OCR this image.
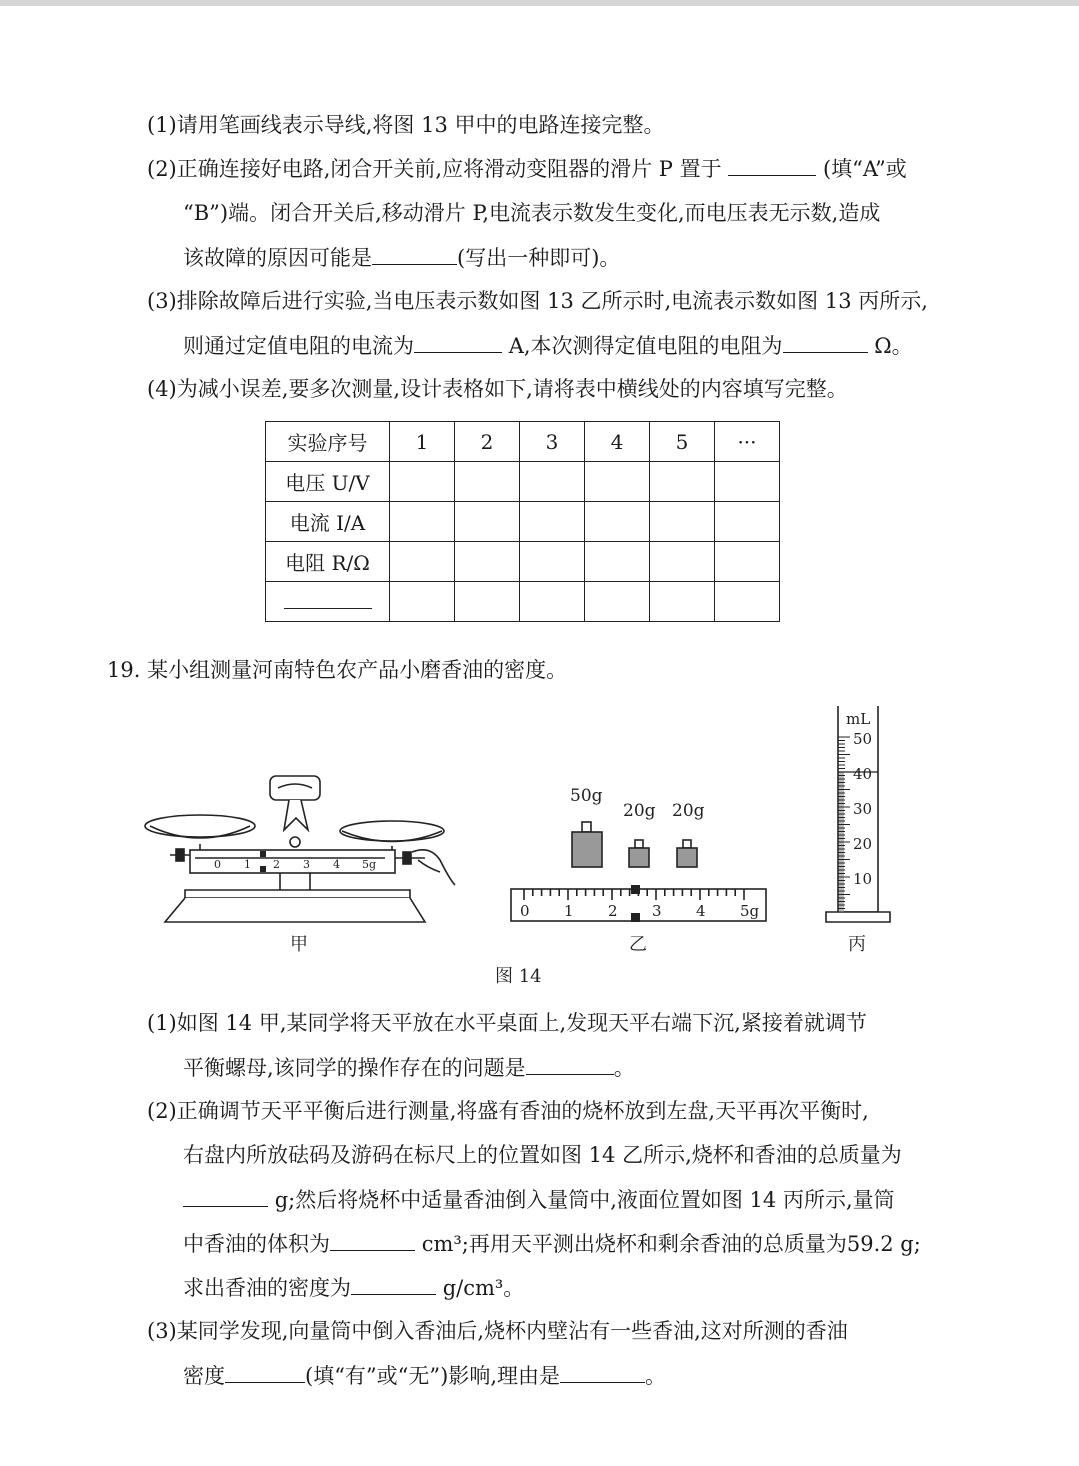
(1)请用笔画线表示导线,将图 13 甲中的电路连接完整。
(2)正确连接好电路,闭合开关前,应将滑动变阻器的滑片 P 置于	(填“A”或
“B”)端。闭合开关后,移动滑片 P,电流表示数发生变化,而电压表无示数,造成
该故障的原因可能是	(写出一种即可)。
(3)排除故障后进行实验,当电压表示数如图 13 乙所示时,电流表示数如图 13 丙所示,
则通过定值电阻的电流为	A,本次测得定值电阻的电阻为	Ω。
(4)为减小误差,要多次测量,设计表格如下,请将表中横线处的内容填写完整。
实验序号	1	2	3	4	5	···
电压 U/V						
电流 I/A						
电阻 R/Ω						

19. 某小组测量河南特色农产品小磨香油的密度。
0 1 2 3 4 5g
甲
50g
20g 20g
0 1 2 3 4 5g
乙
mL
50
40
30
20
10
丙
图 14
(1)如图 14 甲,某同学将天平放在水平桌面上,发现天平右端下沉,紧接着就调节
平衡螺母,该同学的操作存在的问题是	。
(2)正确调节天平平衡后进行测量,将盛有香油的烧杯放到左盘,天平再次平衡时,
右盘内所放砝码及游码在标尺上的位置如图 14 乙所示,烧杯和香油的总质量为
g;然后将烧杯中适量香油倒入量筒中,液面位置如图 14 丙所示,量筒
中香油的体积为	cm³;再用天平测出烧杯和剩余香油的总质量为59.2 g;
求出香油的密度为	g/cm³。
(3)某同学发现,向量筒中倒入香油后,烧杯内壁沾有一些香油,这对所测的香油
密度	(填“有”或“无”)影响,理由是	。
